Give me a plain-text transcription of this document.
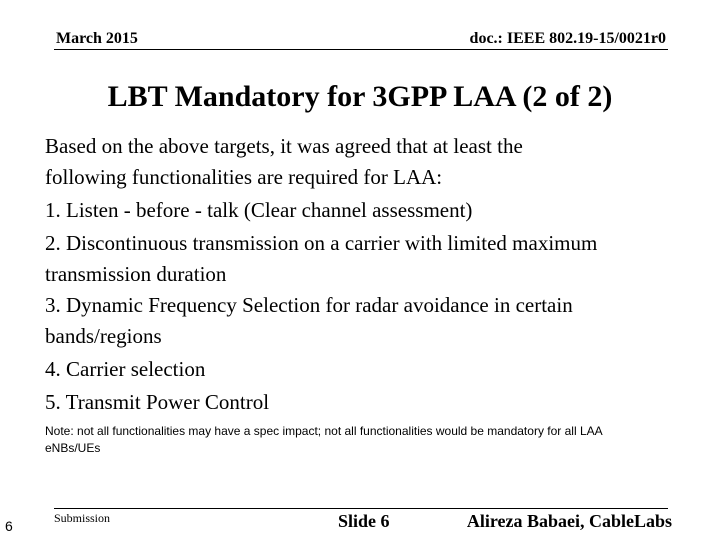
March 2015	doc.: IEEE 802.19-15/0021r0
LBT Mandatory for 3GPP LAA (2 of 2)
Based on the above targets, it was agreed that at least the
following functionalities are required for LAA:
1. Listen - before - talk (Clear channel assessment)
2. Discontinuous transmission on a carrier with limited maximum
transmission duration
3. Dynamic Frequency Selection for radar avoidance in certain
bands/regions
4. Carrier selection
5. Transmit Power Control
Note: not all functionalities may have a spec impact; not all functionalities would be mandatory for all LAA
eNBs/UEs
Submission	Slide 6	Alireza Babaei, CableLabs
6
